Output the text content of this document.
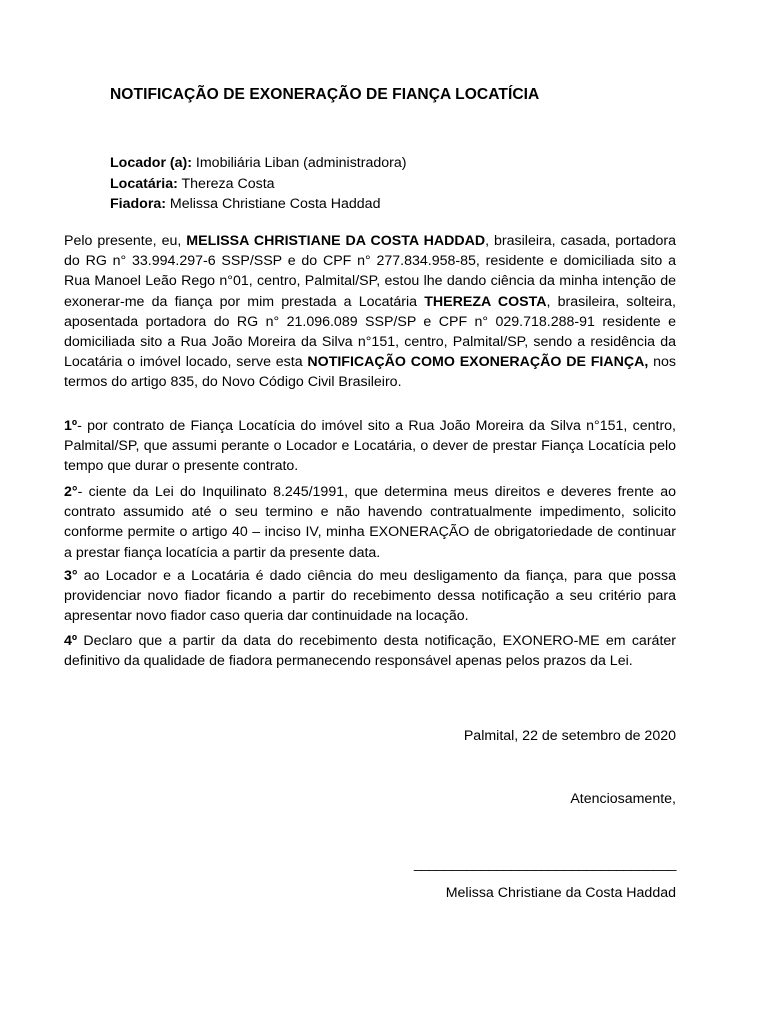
NOTIFICAÇÃO DE EXONERAÇÃO DE FIANÇA LOCATÍCIA
Locador (a): Imobiliária Liban (administradora)
Locatária: Thereza Costa
Fiadora: Melissa Christiane Costa Haddad
Pelo presente, eu, MELISSA CHRISTIANE DA COSTA HADDAD, brasileira, casada, portadora do RG n° 33.994.297-6 SSP/SSP e do CPF n° 277.834.958-85, residente e domiciliada sito a Rua Manoel Leão Rego n°01, centro, Palmital/SP, estou lhe dando ciência da minha intenção de exonerar-me da fiança por mim prestada a Locatária THEREZA COSTA, brasileira, solteira, aposentada portadora do RG n° 21.096.089 SSP/SP e CPF n° 029.718.288-91 residente e domiciliada sito a Rua João Moreira da Silva n°151, centro, Palmital/SP, sendo a residência da Locatária o imóvel locado, serve esta NOTIFICAÇÃO COMO EXONERAÇÃO DE FIANÇA, nos termos do artigo 835, do Novo Código Civil Brasileiro.
1º- por contrato de Fiança Locatícia do imóvel sito a Rua João Moreira da Silva n°151, centro, Palmital/SP, que assumi perante o Locador e Locatária, o dever de prestar Fiança Locatícia pelo tempo que durar o presente contrato.
2°- ciente da Lei do Inquilinato 8.245/1991, que determina meus direitos e deveres frente ao contrato assumido até o seu termino e não havendo contratualmente impedimento, solicito conforme permite o artigo 40 – inciso IV, minha EXONERAÇÃO de obrigatoriedade de continuar a prestar fiança locatícia a partir da presente data.
3° ao Locador e a Locatária é dado ciência do meu desligamento da fiança, para que possa providenciar novo fiador ficando a partir do recebimento dessa notificação a seu critério para apresentar novo fiador caso queria dar continuidade na locação.
4º Declaro que a partir da data do recebimento desta notificação, EXONERO-ME em caráter definitivo da qualidade de fiadora permanecendo responsável apenas pelos prazos da Lei.
Palmital, 22 de setembro de 2020
Atenciosamente,
___________________________________
Melissa Christiane da Costa Haddad
